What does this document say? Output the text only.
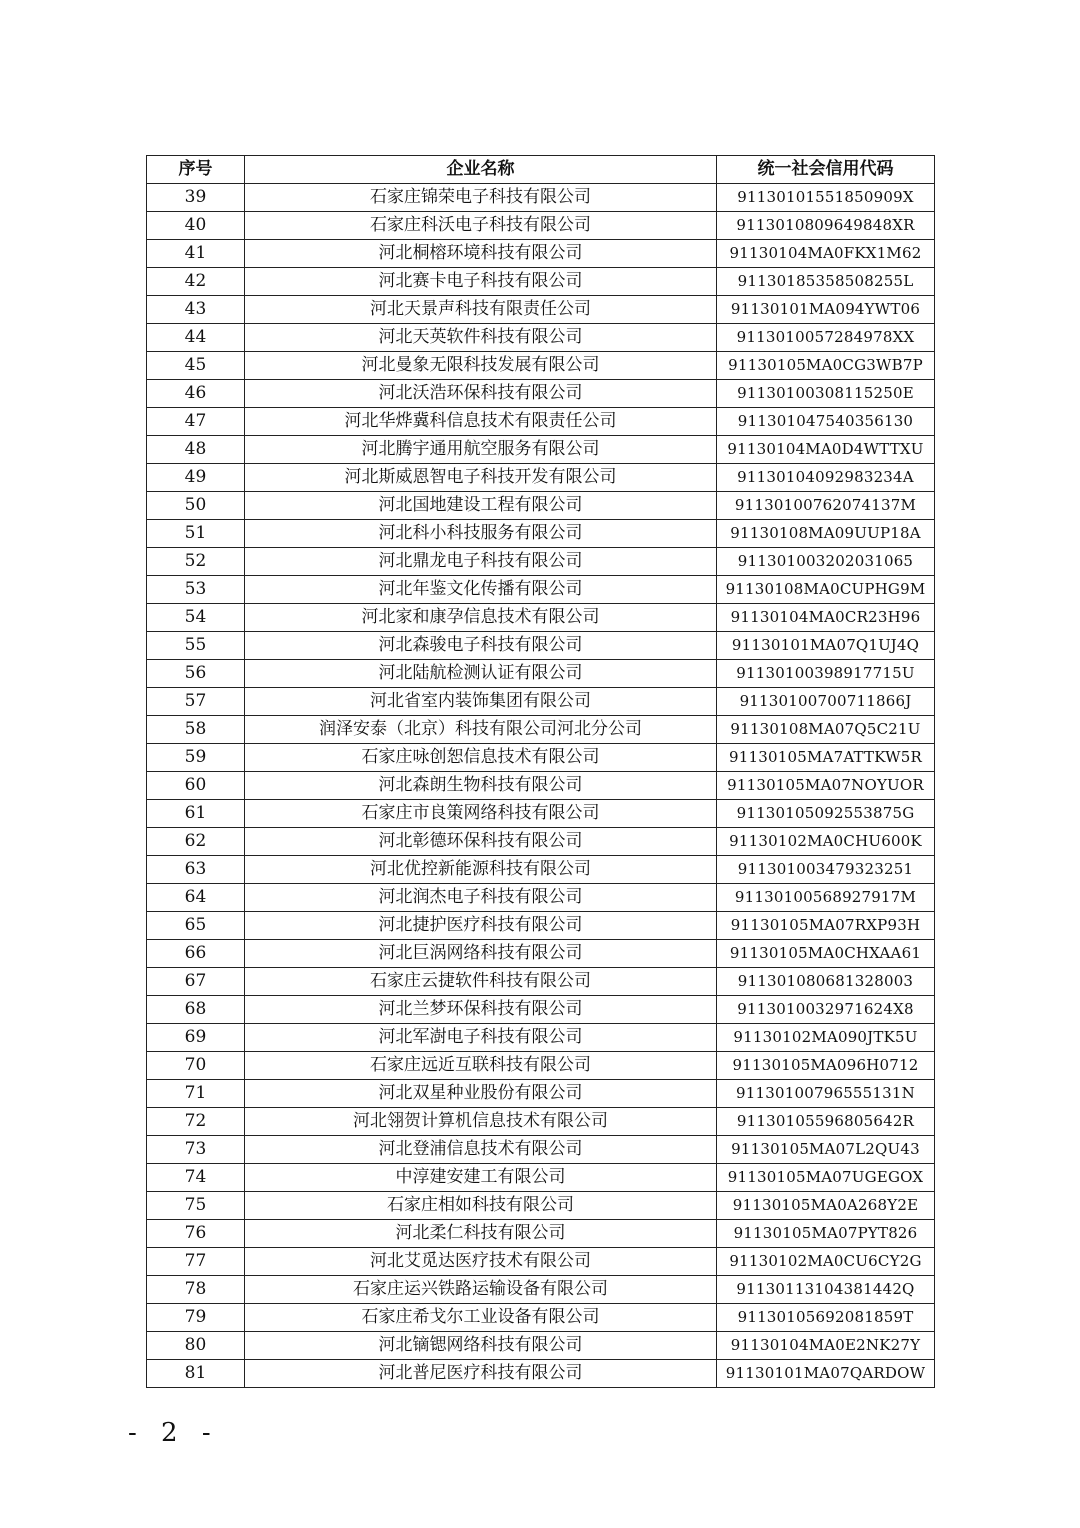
序号	企业名称	统一社会信用代码
39	石家庄锦荣电子科技有限公司	91130101551850909X
40	石家庄科沃电子科技有限公司	9113010809649848XR
41	河北桐榕环境科技有限公司	91130104MA0FKX1M62
42	河北赛卡电子科技有限公司	91130185358508255L
43	河北天景声科技有限责任公司	91130101MA094YWT06
44	河北天英软件科技有限公司	9113010057284978XX
45	河北曼象无限科技发展有限公司	91130105MA0CG3WB7P
46	河北沃浩环保科技有限公司	91130100308115250E
47	河北华烨冀科信息技术有限责任公司	911301047540356130
48	河北腾宇通用航空服务有限公司	91130104MA0D4WTTXU
49	河北斯威恩智电子科技开发有限公司	91130104092983234A
50	河北国地建设工程有限公司	91130100762074137M
51	河北科小科技服务有限公司	91130108MA09UUP18A
52	河北鼎龙电子科技有限公司	911301003202031065
53	河北年鉴文化传播有限公司	91130108MA0CUPHG9M
54	河北家和康孕信息技术有限公司	91130104MA0CR23H96
55	河北森骏电子科技有限公司	91130101MA07Q1UJ4Q
56	河北陆航检测认证有限公司	91130100398917715U
57	河北省室内装饰集团有限公司	91130100700711866J
58	润泽安泰（北京）科技有限公司河北分公司	91130108MA07Q5C21U
59	石家庄咏创恕信息技术有限公司	91130105MA7ATTKW5R
60	河北森朗生物科技有限公司	91130105MA07NOYUOR
61	石家庄市良策网络科技有限公司	91130105092553875G
62	河北彰德环保科技有限公司	91130102MA0CHU600K
63	河北优控新能源科技有限公司	911301003479323251
64	河北润杰电子科技有限公司	91130100568927917M
65	河北捷护医疗科技有限公司	91130105MA07RXP93H
66	河北巨涡网络科技有限公司	91130105MA0CHXAA61
67	石家庄云捷软件科技有限公司	911301080681328003
68	河北兰梦环保科技有限公司	9113010032971624X8
69	河北军澍电子科技有限公司	91130102MA090JTK5U
70	石家庄远近互联科技有限公司	91130105MA096H0712
71	河北双星种业股份有限公司	91130100796555131N
72	河北翎贺计算机信息技术有限公司	91130105596805642R
73	河北登浦信息技术有限公司	91130105MA07L2QU43
74	中淳建安建工有限公司	91130105MA07UGEGOX
75	石家庄相如科技有限公司	91130105MA0A268Y2E
76	河北柔仁科技有限公司	91130105MA07PYT826
77	河北艾觅达医疗技术有限公司	91130102MA0CU6CY2G
78	石家庄运兴铁路运输设备有限公司	91130113104381442Q
79	石家庄希戈尔工业设备有限公司	91130105692081859T
80	河北镝锶网络科技有限公司	91130104MA0E2NK27Y
81	河北普尼医疗科技有限公司	91130101MA07QARDOW
- 2 -
